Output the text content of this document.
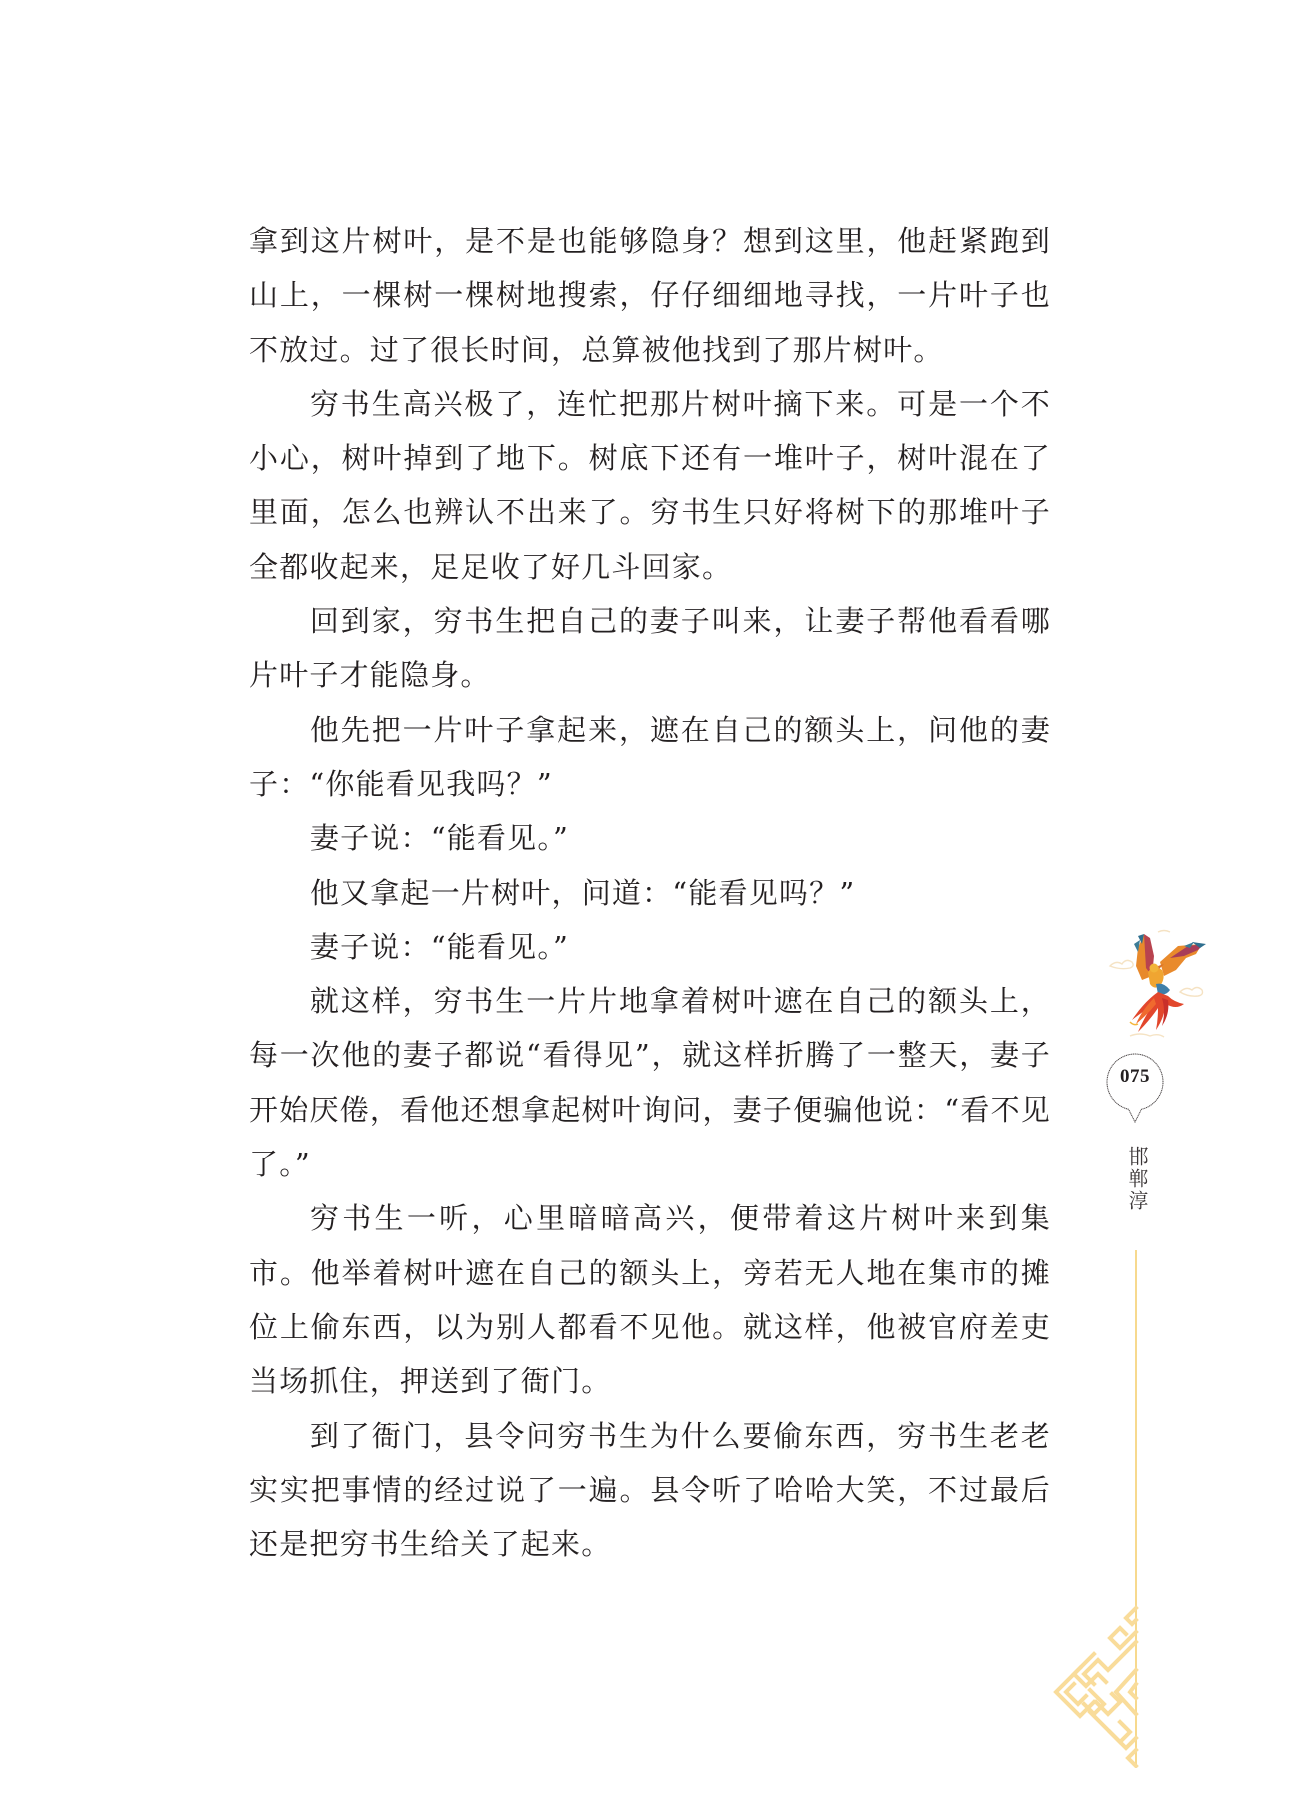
拿到这片树叶，是不是也能够隐身？想到这里，他赶紧跑到山上，一棵树一棵树地搜索，仔仔细细地寻找，一片叶子也不放过。过了很长时间，总算被他找到了那片树叶。

穷书生高兴极了，连忙把那片树叶摘下来。可是一个不小心，树叶掉到了地下。树底下还有一堆叶子，树叶混在了里面，怎么也辨认不出来了。穷书生只好将树下的那堆叶子全都收起来，足足收了好几斗回家。

回到家，穷书生把自己的妻子叫来，让妻子帮他看看哪片叶子才能隐身。

他先把一片叶子拿起来，遮在自己的额头上，问他的妻子：“你能看见我吗？”

妻子说：“能看见。”

他又拿起一片树叶，问道：“能看见吗？”

妻子说：“能看见。”

就这样，穷书生一片片地拿着树叶遮在自己的额头上，每一次他的妻子都说“看得见”，就这样折腾了一整天，妻子开始厌倦，看他还想拿起树叶询问，妻子便骗他说：“看不见了。”

穷书生一听，心里暗暗高兴，便带着这片树叶来到集市。他举着树叶遮在自己的额头上，旁若无人地在集市的摊位上偷东西，以为别人都看不见他。就这样，他被官府差吏当场抓住，押送到了衙门。

到了衙门，县令问穷书生为什么要偷东西，穷书生老老实实把事情的经过说了一遍。县令听了哈哈大笑，不过最后还是把穷书生给关了起来。

075
邯郸淳
